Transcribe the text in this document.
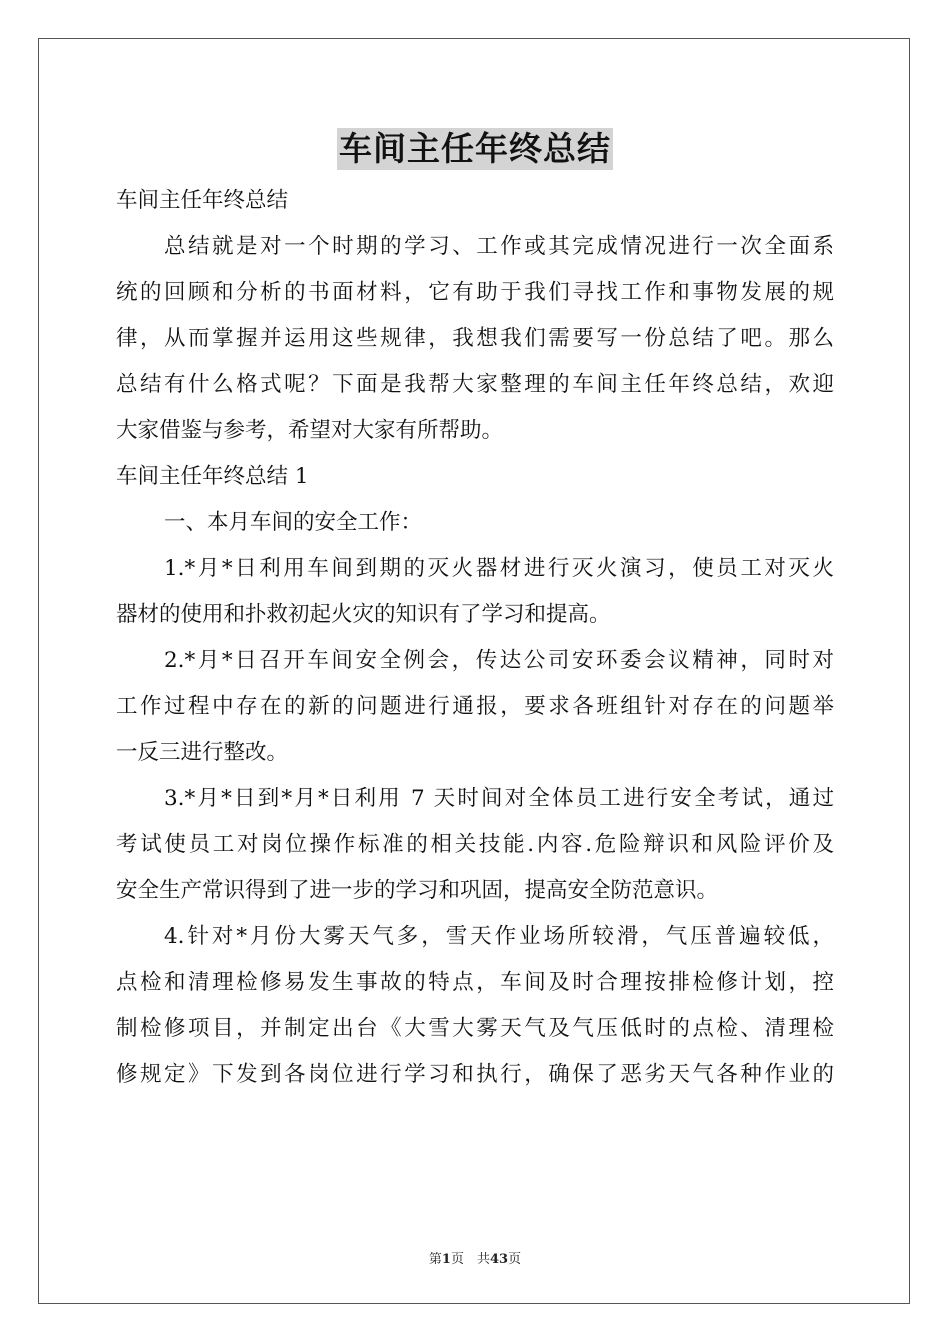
车间主任年终总结
车间主任年终总结
总结就是对一个时期的学习、工作或其完成情况进行一次全面系
统的回顾和分析的书面材料，它有助于我们寻找工作和事物发展的规
律，从而掌握并运用这些规律，我想我们需要写一份总结了吧。那么
总结有什么格式呢？下面是我帮大家整理的车间主任年终总结，欢迎
大家借鉴与参考，希望对大家有所帮助。
车间主任年终总结 1
一、本月车间的安全工作：
1.*月*日利用车间到期的灭火器材进行灭火演习，使员工对灭火
器材的使用和扑救初起火灾的知识有了学习和提高。
2.*月*日召开车间安全例会，传达公司安环委会议精神，同时对
工作过程中存在的新的问题进行通报，要求各班组针对存在的问题举
一反三进行整改。
3.*月*日到*月*日利用 7 天时间对全体员工进行安全考试，通过
考试使员工对岗位操作标准的相关技能.内容.危险辩识和风险评价及
安全生产常识得到了进一步的学习和巩固，提高安全防范意识。
4.针对*月份大雾天气多，雪天作业场所较滑，气压普遍较低，
点检和清理检修易发生事故的特点，车间及时合理按排检修计划，控
制检修项目，并制定出台《大雪大雾天气及气压低时的点检、清理检
修规定》下发到各岗位进行学习和执行，确保了恶劣天气各种作业的
第1页　共43页
